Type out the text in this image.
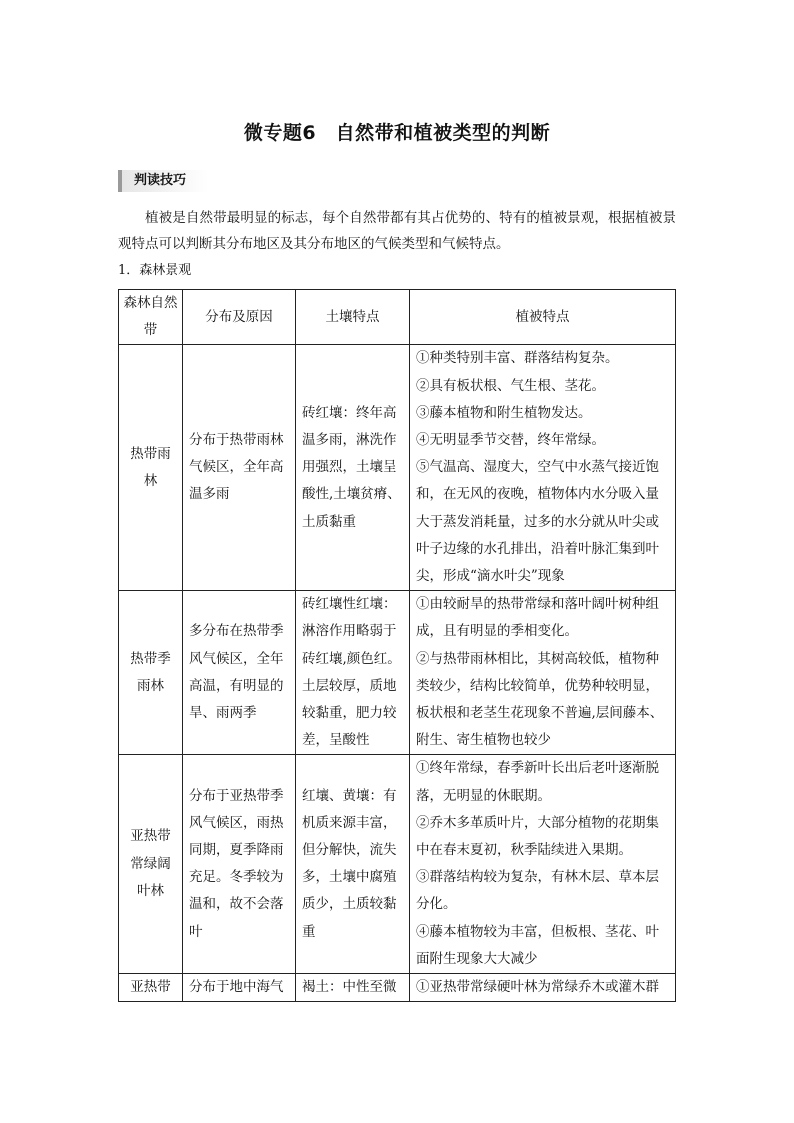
微专题6　自然带和植被类型的判断
判读技巧
植被是自然带最明显的标志，每个自然带都有其占优势的、特有的植被景观，根据植被景观特点可以判断其分布地区及其分布地区的气候类型和气候特点。
1．森林景观
森林自然带	分布及原因	土壤特点	植被特点
热带雨林	分布于热带雨林气候区，全年高温多雨	砖红壤：终年高温多雨，淋洗作用强烈，土壤呈酸性,土壤贫瘠、土质黏重	①种类特别丰富、群落结构复杂。
②具有板状根、气生根、茎花。
③藤本植物和附生植物发达。
④无明显季节交替，终年常绿。
⑤气温高、湿度大，空气中水蒸气接近饱和，在无风的夜晚，植物体内水分吸入量大于蒸发消耗量，过多的水分就从叶尖或叶子边缘的水孔排出，沿着叶脉汇集到叶尖，形成“滴水叶尖”现象

热带季雨林	多分布在热带季风气候区，全年高温，有明显的旱、雨两季	砖红壤性红壤：淋溶作用略弱于砖红壤,颜色红。土层较厚，质地较黏重，肥力较差，呈酸性	①由较耐旱的热带常绿和落叶阔叶树种组成，且有明显的季相变化。
②与热带雨林相比，其树高较低，植物种类较少，结构比较简单，优势种较明显，板状根和老茎生花现象不普遍,层间藤本、附生、寄生植物也较少

亚热带常绿阔叶林	分布于亚热带季风气候区，雨热同期，夏季降雨充足。冬季较为温和，故不会落叶	红壤、黄壤：有机质来源丰富，但分解快，流失多，土壤中腐殖质少，土质较黏重	①终年常绿，春季新叶长出后老叶逐渐脱落，无明显的休眠期。
②乔木多革质叶片，大部分植物的花期集中在春末夏初，秋季陆续进入果期。
③群落结构较为复杂，有林木层、草本层分化。
④藤本植物较为丰富，但板根、茎花、叶面附生现象大大减少

亚热带	分布于地中海气	褐土：中性至微	①亚热带常绿硬叶林为常绿乔木或灌木群
